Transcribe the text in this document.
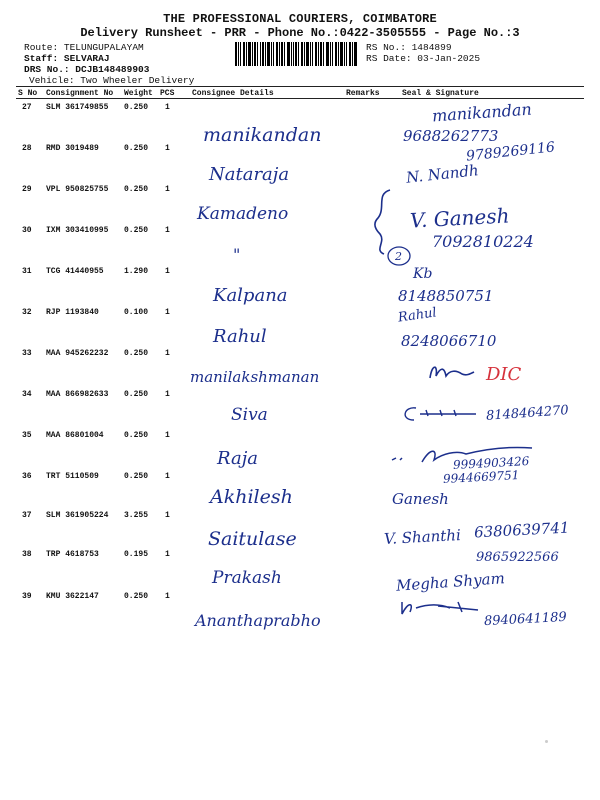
THE PROFESSIONAL COURIERS, COIMBATORE
Delivery Runsheet - PRR - Phone No.:0422-3505555 - Page No.:3
Route: TELUNGUPALAYAM
Staff: SELVARAJ
DRS No.: DCJB148489903
Vehicle: Two Wheeler Delivery
RS No.: 1484899
RS Date: 03-Jan-2025
S No Consignment No Weight PCS Consignee Details	Remarks	Seal & Signature
27 SLM 361749855 0.250 1
manikandan
manikandan
9688262773
28 RMD 3019489	0.250 1
Nataraja
9789269116
N. Nandh
29 VPL 950825755 0.250 1
Kamadeno
30 IXM 303410995 0.250 1
"
V. Ganesh
7092810224
2
31 TCG 41440955	1.290 1
Kalpana
Kb
8148850751
32 RJP 1193840	0.100 1
Rahul
Rahul
8248066710
33 MAA 945262232 0.250 1
manilakshmanan	DIC
34 MAA 866982633 0.250 1
Siva	8148464270
35 MAA 86801004	0.250 1
Raja	9994903426
36 TRT 5110509	0.250 1
Akhilesh
9944669751
Ganesh
37 SLM 361905224 3.255 1
Saitulase	V. Shanthi 6380639741
38 TRP 4618753	0.195 1
Prakash
9865922566
Megha Shyam
39 KMU 3622147	0.250 1
Ananthaprabho	8940641189
